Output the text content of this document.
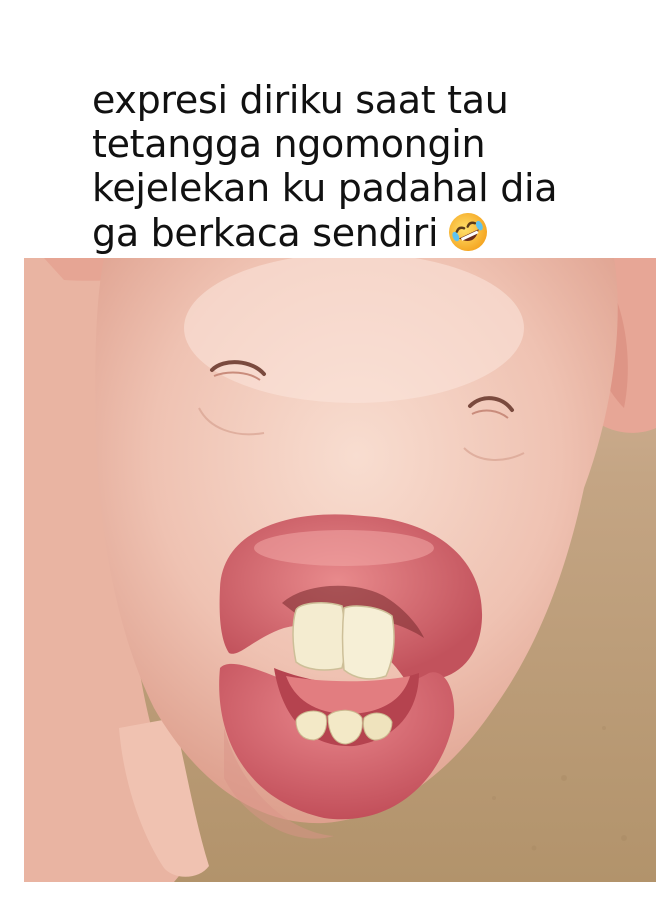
expresi diriku saat tau
tetangga ngomongin
kejelekan ku padahal dia
ga berkaca sendiri
